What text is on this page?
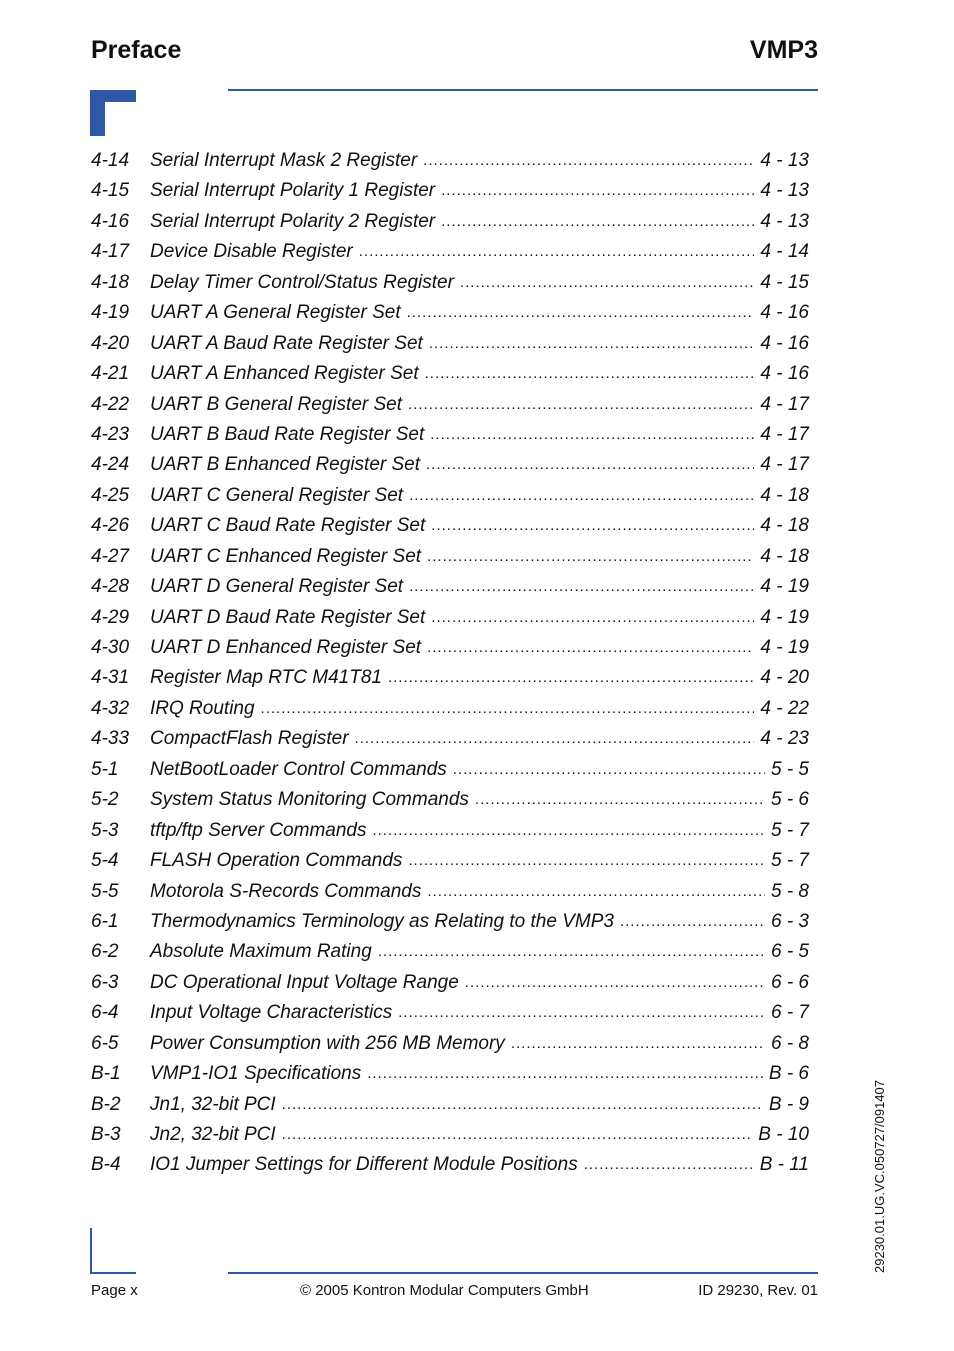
Preface	VMP3
4-14	Serial Interrupt Mask 2 Register .....	4 - 13
4-15	Serial Interrupt Polarity 1 Register .....	4 - 13
4-16	Serial Interrupt Polarity 2 Register .....	4 - 13
4-17	Device Disable Register .....	4 - 14
4-18	Delay Timer Control/Status Register .....	4 - 15
4-19	UART A General Register Set .....	4 - 16
4-20	UART A Baud Rate Register Set .....	4 - 16
4-21	UART A Enhanced Register Set .....	4 - 16
4-22	UART B General Register Set .....	4 - 17
4-23	UART B Baud Rate Register Set .....	4 - 17
4-24	UART B Enhanced Register Set .....	4 - 17
4-25	UART C General Register Set .....	4 - 18
4-26	UART C Baud Rate Register Set .....	4 - 18
4-27	UART C Enhanced Register Set .....	4 - 18
4-28	UART D General Register Set .....	4 - 19
4-29	UART D Baud Rate Register Set .....	4 - 19
4-30	UART D Enhanced Register Set .....	4 - 19
4-31	Register Map RTC M41T81 .....	4 - 20
4-32	IRQ Routing .....	4 - 22
4-33	CompactFlash Register .....	4 - 23
5-1	NetBootLoader Control Commands .....	5 - 5
5-2	System Status Monitoring Commands .....	5 - 6
5-3	tftp/ftp Server Commands .....	5 - 7
5-4	FLASH Operation Commands .....	5 - 7
5-5	Motorola S-Records Commands .....	5 - 8
6-1	Thermodynamics Terminology as Relating to the VMP3 .....	6 - 3
6-2	Absolute Maximum Rating .....	6 - 5
6-3	DC Operational Input Voltage Range .....	6 - 6
6-4	Input Voltage Characteristics .....	6 - 7
6-5	Power Consumption with 256 MB Memory .....	6 - 8
B-1	VMP1-IO1 Specifications .....	B - 6
B-2	Jn1, 32-bit PCI .....	B - 9
B-3	Jn2, 32-bit PCI .....	B - 10
B-4	IO1 Jumper Settings for Different Module Positions .....	B - 11
Page x	© 2005 Kontron Modular Computers GmbH	ID 29230, Rev. 01
29230.01.UG.VC.050727/091407
